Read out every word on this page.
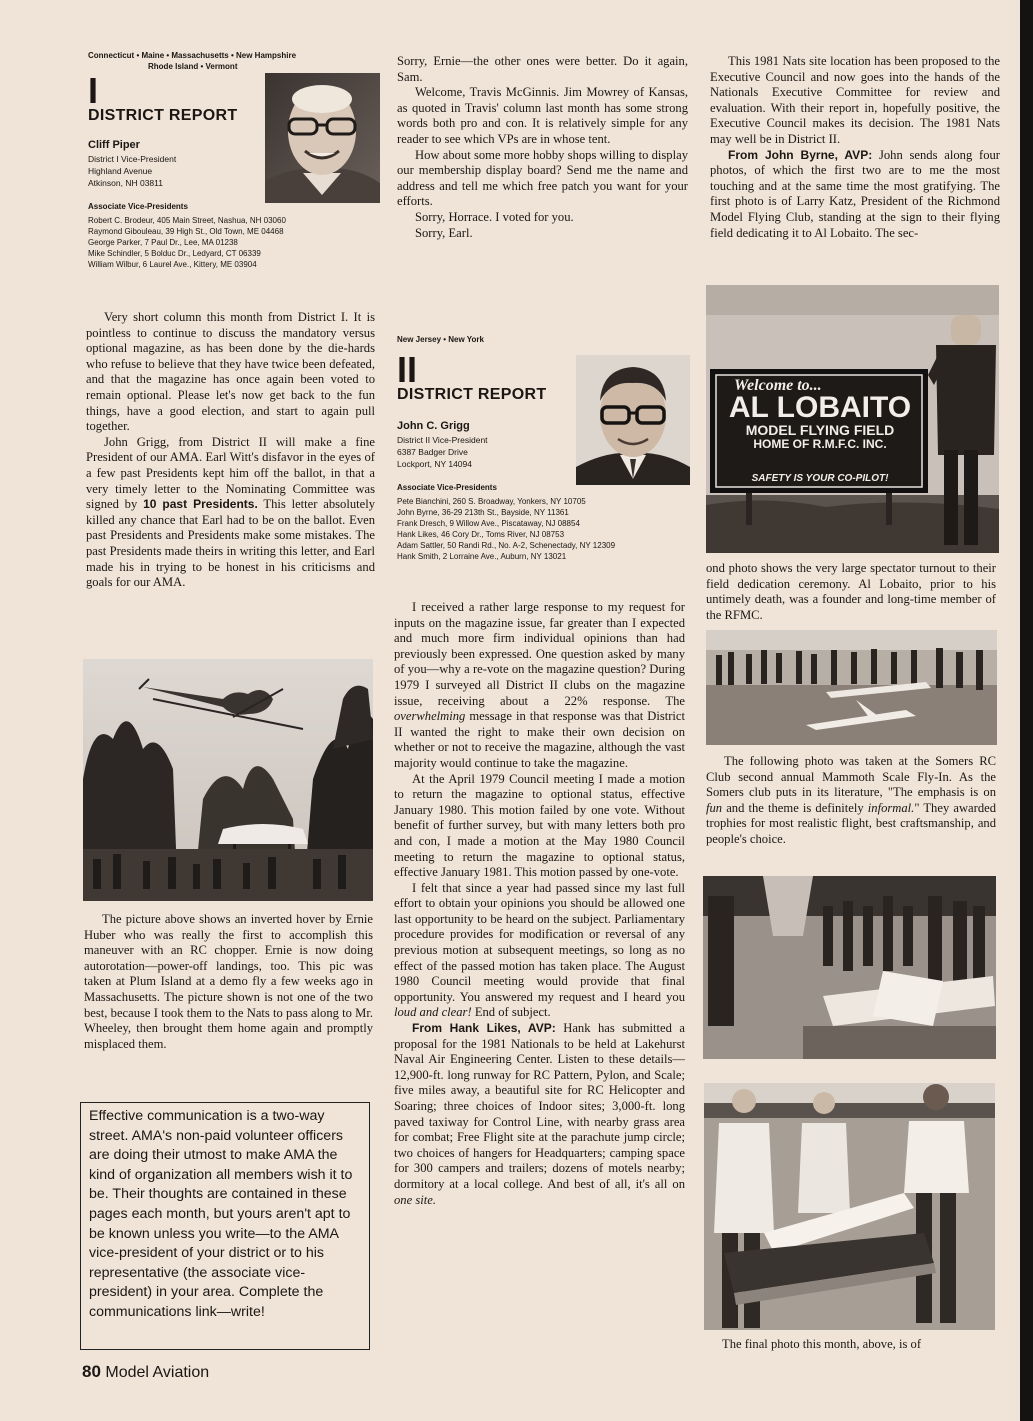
Connecticut • Maine • Massachusetts • New Hampshire
Rhode Island • Vermont
I
DISTRICT REPORT
Cliff Piper
District I Vice-President
Highland Avenue
Atkinson, NH 03811
Associate Vice-Presidents
Robert C. Brodeur, 405 Main Street, Nashua, NH 03060
Raymond Gibouleau, 39 High St., Old Town, ME 04468
George Parker, 7 Paul Dr., Lee, MA 01238
Mike Schindler, 5 Bolduc Dr., Ledyard, CT 06339
William Wilbur, 6 Laurel Ave., Kittery, ME 03904

Very short column this month from District I. It is pointless to continue to discuss the mandatory versus optional magazine, as has been done by the die-hards who refuse to believe that they have twice been defeated, and that the magazine has once again been voted to remain optional. Please let's now get back to the fun things, have a good election, and start to again pull together.

John Grigg, from District II will make a fine President of our AMA. Earl Witt's disfavor in the eyes of a few past Presidents kept him off the ballot, in that a very timely letter to the Nominating Committee was signed by 10 past Presidents. This letter absolutely killed any chance that Earl had to be on the ballot. Even past Presidents and Presidents make some mistakes. The past Presidents made theirs in writing this letter, and Earl made his in trying to be honest in his criticisms and goals for our AMA.

The picture above shows an inverted hover by Ernie Huber who was really the first to accomplish this maneuver with an RC chopper. Ernie is now doing autorotation—power-off landings, too. This pic was taken at Plum Island at a demo fly a few weeks ago in Massachusetts. The picture shown is not one of the two best, because I took them to the Nats to pass along to Mr. Wheeley, then brought them home again and promptly misplaced them.
Effective communication is a two-way street. AMA's non-paid volunteer officers are doing their utmost to make AMA the kind of organization all members wish it to be. Their thoughts are contained in these pages each month, but yours aren't apt to be known unless you write—to the AMA vice-president of your district or to his representative (the associate vice-president) in your area. Complete the communications link—write!

Sorry, Ernie—the other ones were better. Do it again, Sam.

Welcome, Travis McGinnis. Jim Mowrey of Kansas, as quoted in Travis' column last month has some strong words both pro and con. It is relatively simple for any reader to see which VPs are in whose tent.

How about some more hobby shops willing to display our membership display board? Send me the name and address and tell me which free patch you want for your efforts.

Sorry, Horrace. I voted for you.

Sorry, Earl.

New Jersey • New York
II
DISTRICT REPORT
John C. Grigg
District II Vice-President
6387 Badger Drive
Lockport, NY 14094
Associate Vice-Presidents
Pete Bianchini, 260 S. Broadway, Yonkers, NY 10705
John Byrne, 36-29 213th St., Bayside, NY 11361
Frank Dresch, 9 Willow Ave., Piscataway, NJ 08854
Hank Likes, 46 Cory Dr., Toms River, NJ 08753
Adam Sattler, 50 Randi Rd., No. A-2, Schenectady, NY 12309
Hank Smith, 2 Lorraine Ave., Auburn, NY 13021

I received a rather large response to my request for inputs on the magazine issue, far greater than I expected and much more firm individual opinions than had previously been expressed. One question asked by many of you—why a re-vote on the magazine question? During 1979 I surveyed all District II clubs on the magazine issue, receiving about a 22% response. The overwhelming message in that response was that District II wanted the right to make their own decision on whether or not to receive the magazine, although the vast majority would continue to take the magazine.

At the April 1979 Council meeting I made a motion to return the magazine to optional status, effective January 1980. This motion failed by one vote. Without benefit of further survey, but with many letters both pro and con, I made a motion at the May 1980 Council meeting to return the magazine to optional status, effective January 1981. This motion passed by one-vote.

I felt that since a year had passed since my last full effort to obtain your opinions you should be allowed one last opportunity to be heard on the subject. Parliamentary procedure provides for modification or reversal of any previous motion at subsequent meetings, so long as no effect of the passed motion has taken place. The August 1980 Council meeting would provide that final opportunity. You answered my request and I heard you loud and clear! End of subject.

From Hank Likes, AVP: Hank has submitted a proposal for the 1981 Nationals to be held at Lakehurst Naval Air Engineering Center. Listen to these details—12,900-ft. long runway for RC Pattern, Pylon, and Scale; five miles away, a beautiful site for RC Helicopter and Soaring; three choices of Indoor sites; 3,000-ft. long paved taxiway for Control Line, with nearby grass area for combat; Free Flight site at the parachute jump circle; two choices of hangers for Headquarters; camping space for 300 campers and trailers; dozens of motels nearby; dormitory at a local college. And best of all, it's all on one site.

This 1981 Nats site location has been proposed to the Executive Council and now goes into the hands of the Nationals Executive Committee for review and evaluation. With their report in, hopefully positive, the Executive Council makes its decision. The 1981 Nats may well be in District II.

From John Byrne, AVP: John sends along four photos, of which the first two are to me the most touching and at the same time the most gratifying. The first photo is of Larry Katz, President of the Richmond Model Flying Club, standing at the sign to their flying field dedicating it to Al Lobaito. The sec-

Welcome to...
AL LOBAITO
MODEL FLYING FIELD
HOME OF R.M.F.C. INC.
SAFETY IS YOUR CO-PILOT!
ond photo shows the very large spectator turnout to their field dedication ceremony. Al Lobaito, prior to his untimely death, was a founder and long-time member of the RFMC.
The following photo was taken at the Somers RC Club second annual Mammoth Scale Fly-In. As the Somers club puts in its literature, "The emphasis is on fun and the theme is definitely informal." They awarded trophies for most realistic flight, best craftsmanship, and people's choice.
The final photo this month, above, is of
80 Model Aviation
